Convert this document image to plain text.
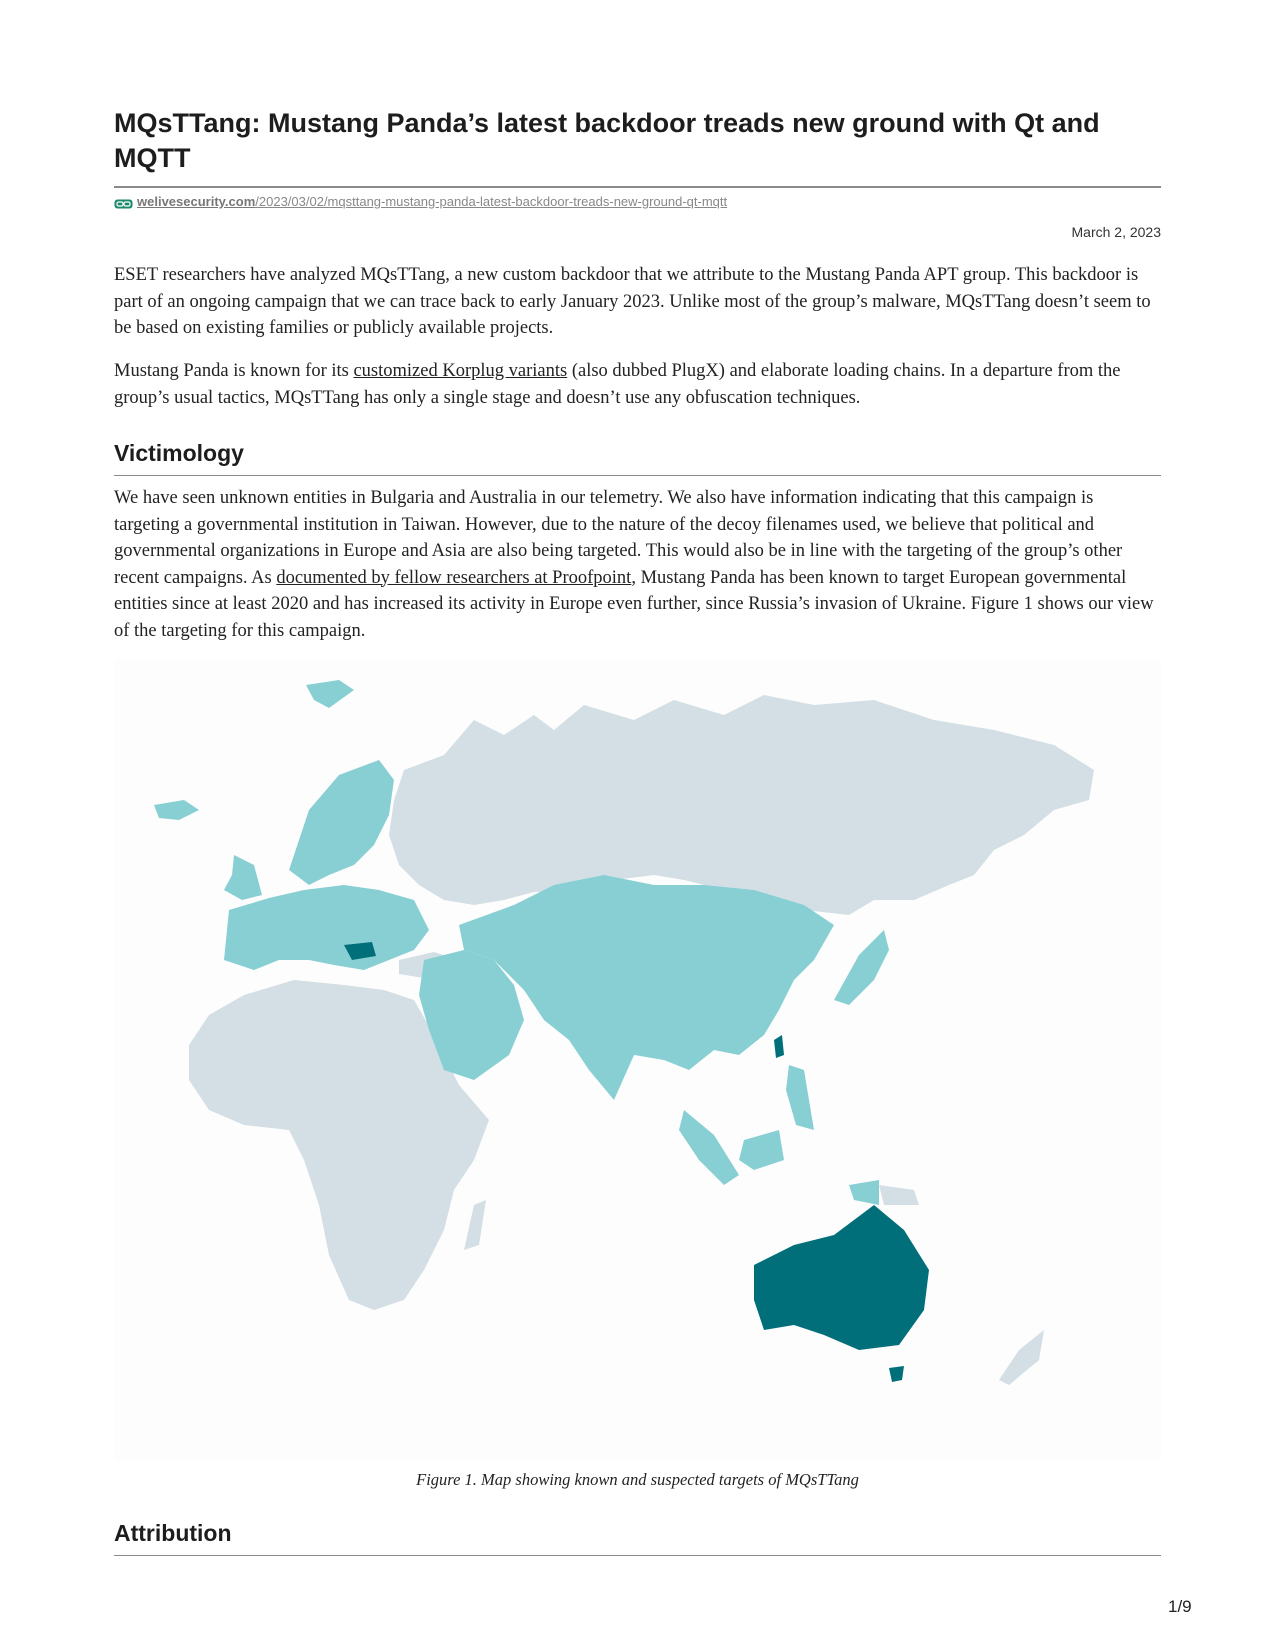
MQsTTang: Mustang Panda’s latest backdoor treads new ground with Qt and MQTT
welivesecurity.com /2023/03/02/mqsttang-mustang-panda-latest-backdoor-treads-new-ground-qt-mqtt
March 2, 2023

ESET researchers have analyzed MQsTTang, a new custom backdoor that we attribute to the Mustang Panda APT group. This backdoor is part of an ongoing campaign that we can trace back to early January 2023. Unlike most of the group’s malware, MQsTTang doesn’t seem to be based on existing families or publicly available projects.

Mustang Panda is known for its customized Korplug variants (also dubbed PlugX) and elaborate loading chains. In a departure from the group’s usual tactics, MQsTTang has only a single stage and doesn’t use any obfuscation techniques.

Victimology

We have seen unknown entities in Bulgaria and Australia in our telemetry. We also have information indicating that this campaign is targeting a governmental institution in Taiwan. However, due to the nature of the decoy filenames used, we believe that political and governmental organizations in Europe and Asia are also being targeted. This would also be in line with the targeting of the group’s other recent campaigns. As documented by fellow researchers at Proofpoint, Mustang Panda has been known to target European governmental entities since at least 2020 and has increased its activity in Europe even further, since Russia’s invasion of Ukraine. Figure 1 shows our view of the targeting for this campaign.

Figure 1. Map showing known and suspected targets of MQsTTang
Attribution
1/9
